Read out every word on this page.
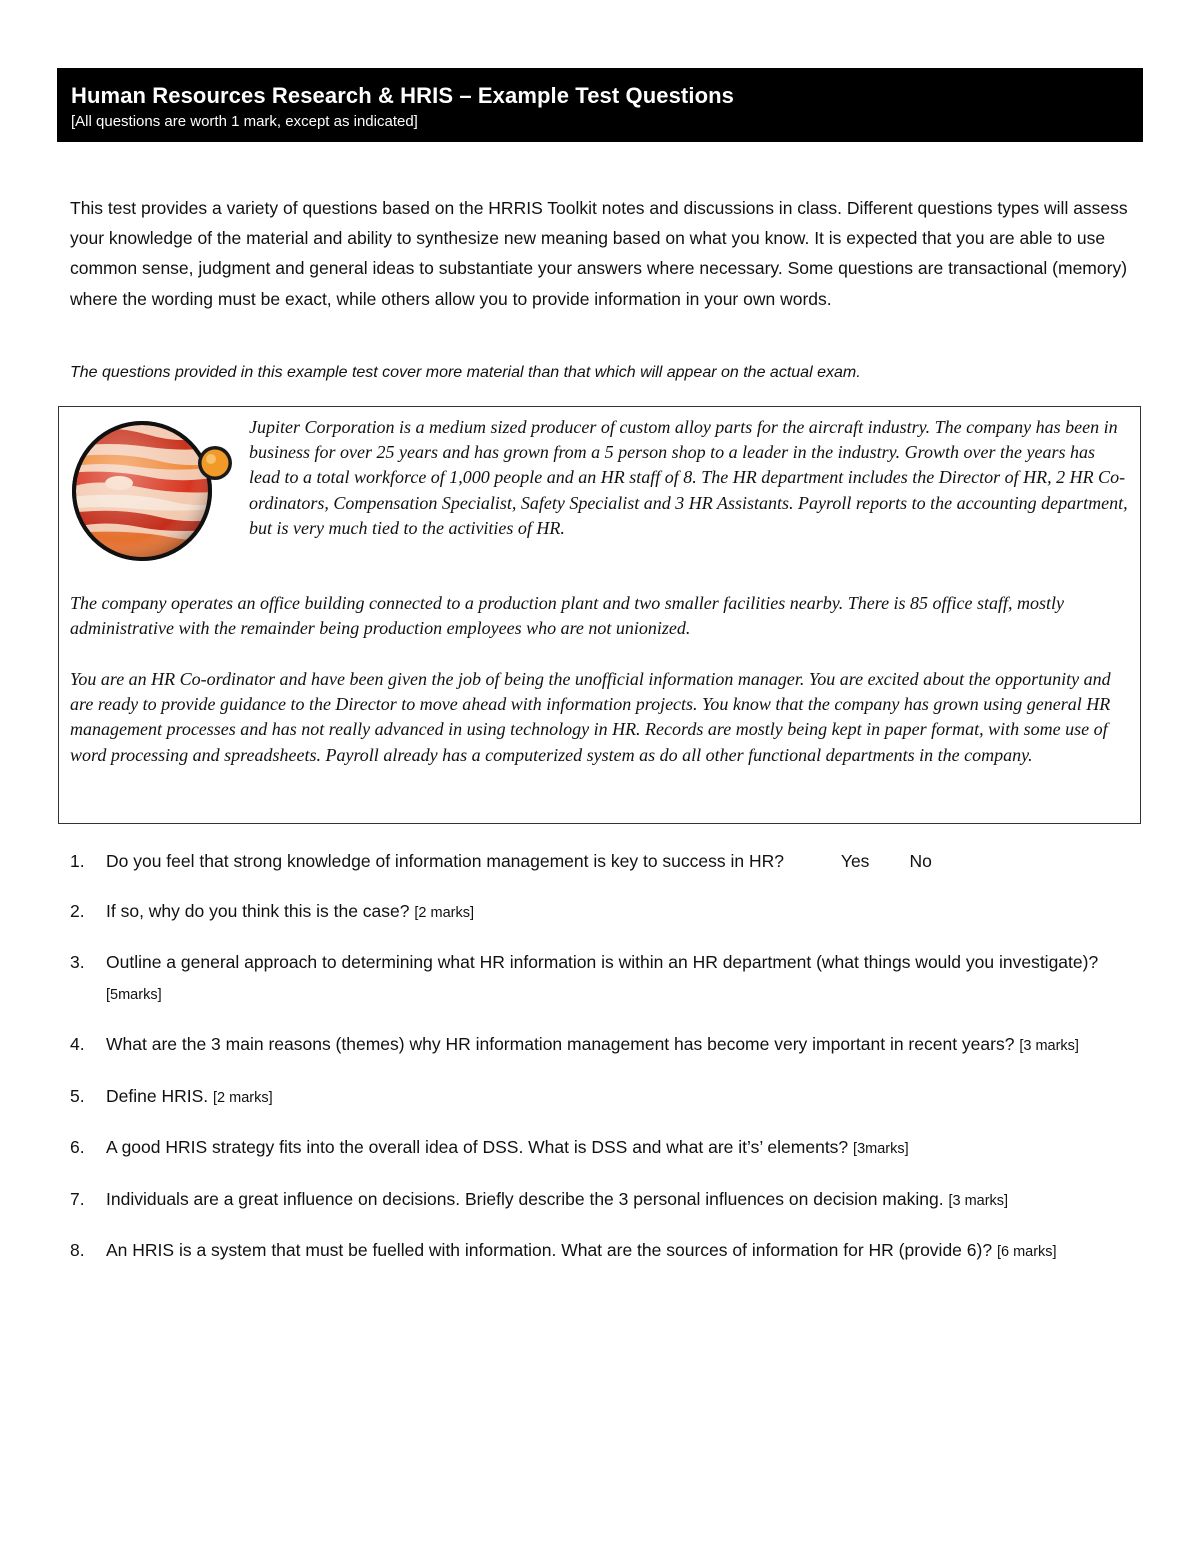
Human Resources Research & HRIS – Example Test Questions
[All questions are worth 1 mark, except as indicated]
This test provides a variety of questions based on the HRRIS Toolkit notes and discussions in class. Different questions types will assess your knowledge of the material and ability to synthesize new meaning based on what you know. It is expected that you are able to use common sense, judgment and general ideas to substantiate your answers where necessary. Some questions are transactional (memory) where the wording must be exact, while others allow you to provide information in your own words.
The questions provided in this example test cover more material than that which will appear on the actual exam.

Jupiter Corporation is a medium sized producer of custom alloy parts for the aircraft industry. The company has been in business for over 25 years and has grown from a 5 person shop to a leader in the industry. Growth over the years has lead to a total workforce of 1,000 people and an HR staff of 8. The HR department includes the Director of HR, 2 HR Co-ordinators, Compensation Specialist, Safety Specialist and 3 HR Assistants. Payroll reports to the accounting department, but is very much tied to the activities of HR.

The company operates an office building connected to a production plant and two smaller facilities nearby. There is 85 office staff, mostly administrative with the remainder being production employees who are not unionized.

You are an HR Co-ordinator and have been given the job of being the unofficial information manager. You are excited about the opportunity and are ready to provide guidance to the Director to move ahead with information projects. You know that the company has grown using general HR management processes and has not really advanced in using technology in HR. Records are mostly being kept in paper format, with some use of word processing and spreadsheets. Payroll already has a computerized system as do all other functional departments in the company.

1. Do you feel that strong knowledge of information management is key to success in HR?	Yes No
2. If so, why do you think this is the case? [2 marks]
3. Outline a general approach to determining what HR information is within an HR department (what things would you investigate)? [5marks]
4. What are the 3 main reasons (themes) why HR information management has become very important in recent years? [3 marks]
5. Define HRIS. [2 marks]
6. A good HRIS strategy fits into the overall idea of DSS. What is DSS and what are it’s’ elements? [3marks]
7. Individuals are a great influence on decisions. Briefly describe the 3 personal influences on decision making. [3 marks]
8. An HRIS is a system that must be fuelled with information. What are the sources of information for HR (provide 6)? [6 marks]
